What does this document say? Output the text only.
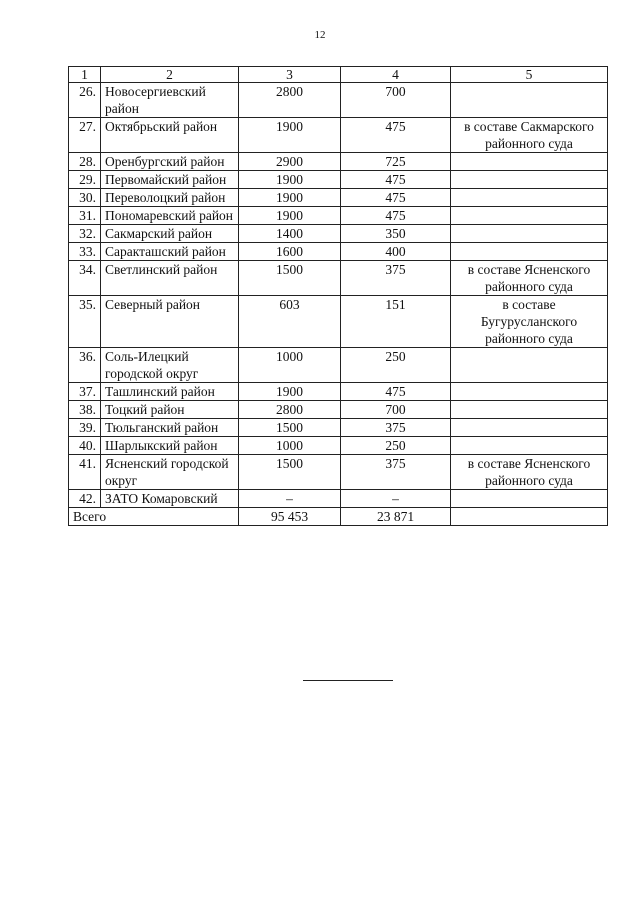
12
1	2	3	4	5
26.	Новосергиевский район	2800	700	
27.	Октябрьский район	1900	475	в составе Сакмарского районного суда
28.	Оренбургский район	2900	725	
29.	Первомайский район	1900	475	
30.	Переволоцкий район	1900	475	
31.	Пономаревский район	1900	475	
32.	Сакмарский район	1400	350	
33.	Саракташский район	1600	400	
34.	Светлинский район	1500	375	в составе Ясненского районного суда
35.	Северный район	603	151	в составе Бугурусланского районного суда
36.	Соль-Илецкий городской округ	1000	250	
37.	Ташлинский район	1900	475	
38.	Тоцкий район	2800	700	
39.	Тюльганский район	1500	375	
40.	Шарлыкский район	1000	250	
41.	Ясненский городской округ	1500	375	в составе Ясненского районного суда
42.	ЗАТО Комаровский	–	–	
Всего		95 453	23 871	
